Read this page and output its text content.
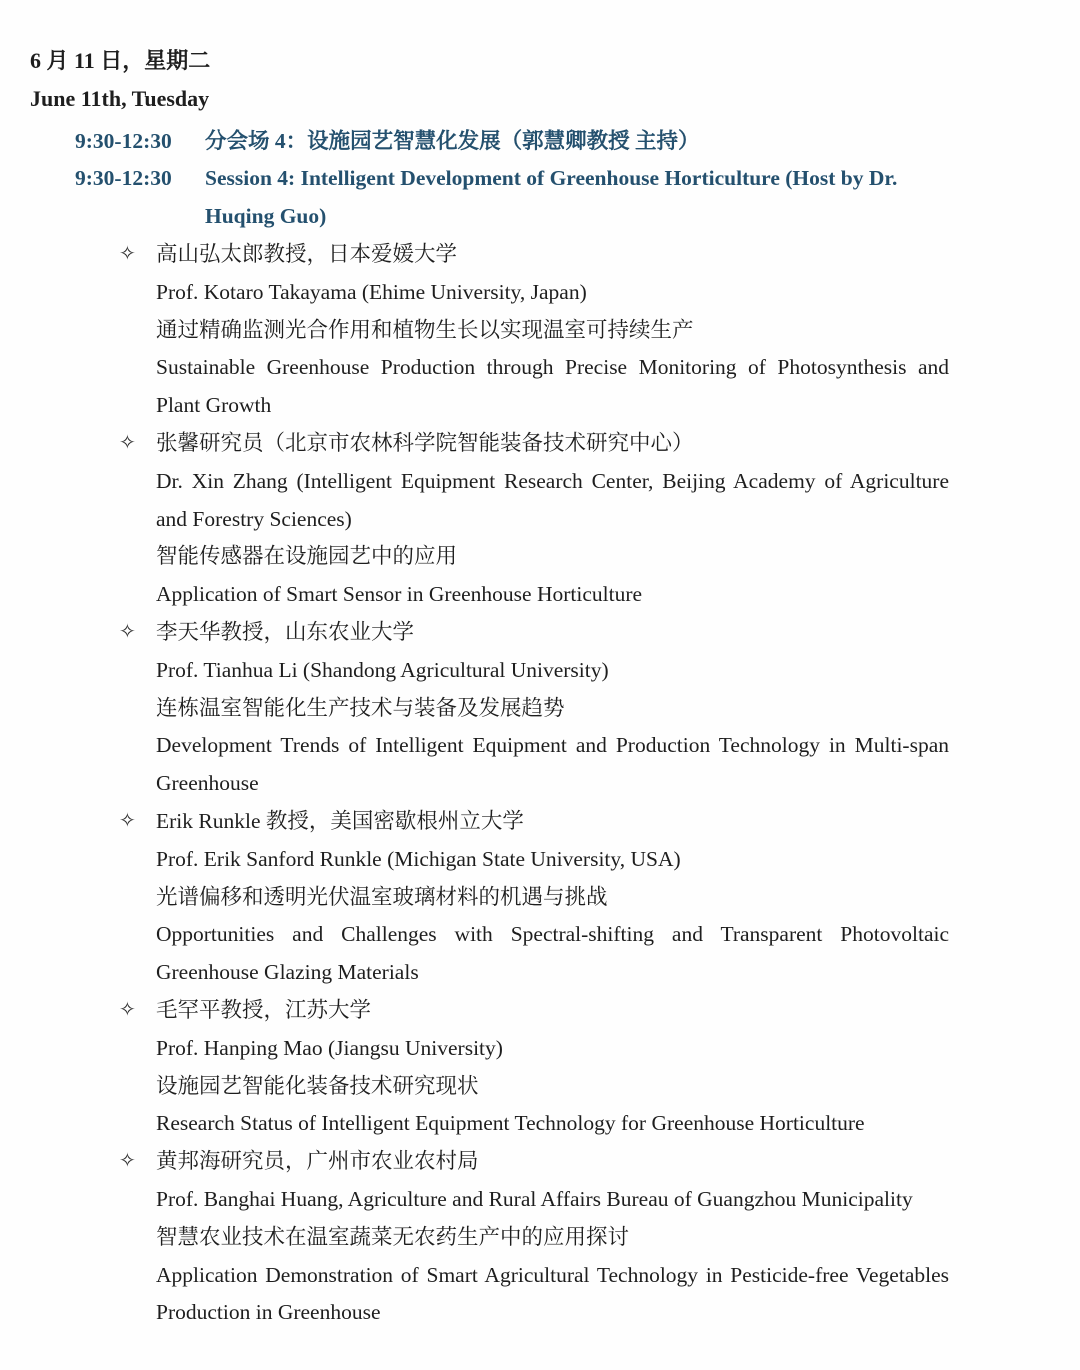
6 月 11 日，星期二
June 11th, Tuesday
9:30-12:30	分会场 4：设施园艺智慧化发展（郭慧卿教授 主持）
9:30-12:30	Session 4: Intelligent Development of Greenhouse Horticulture (Host by Dr. Huqing Guo)
✧ 高山弘太郎教授，日本爱媛大学
Prof. Kotaro Takayama (Ehime University, Japan)
通过精确监测光合作用和植物生长以实现温室可持续生产
Sustainable Greenhouse Production through Precise Monitoring of Photosynthesis and Plant Growth
✧ 张馨研究员（北京市农林科学院智能装备技术研究中心）
Dr. Xin Zhang (Intelligent Equipment Research Center, Beijing Academy of Agriculture and Forestry Sciences)
智能传感器在设施园艺中的应用
Application of Smart Sensor in Greenhouse Horticulture
✧ 李天华教授，山东农业大学
Prof. Tianhua Li (Shandong Agricultural University)
连栋温室智能化生产技术与装备及发展趋势
Development Trends of Intelligent Equipment and Production Technology in Multi-span Greenhouse
✧ Erik Runkle 教授，美国密歇根州立大学
Prof. Erik Sanford Runkle (Michigan State University, USA)
光谱偏移和透明光伏温室玻璃材料的机遇与挑战
Opportunities and Challenges with Spectral-shifting and Transparent Photovoltaic Greenhouse Glazing Materials
✧ 毛罕平教授，江苏大学
Prof. Hanping Mao (Jiangsu University)
设施园艺智能化装备技术研究现状
Research Status of Intelligent Equipment Technology for Greenhouse Horticulture
✧ 黄邦海研究员，广州市农业农村局
Prof. Banghai Huang, Agriculture and Rural Affairs Bureau of Guangzhou Municipality
智慧农业技术在温室蔬菜无农药生产中的应用探讨
Application Demonstration of Smart Agricultural Technology in Pesticide-free Vegetables Production in Greenhouse
